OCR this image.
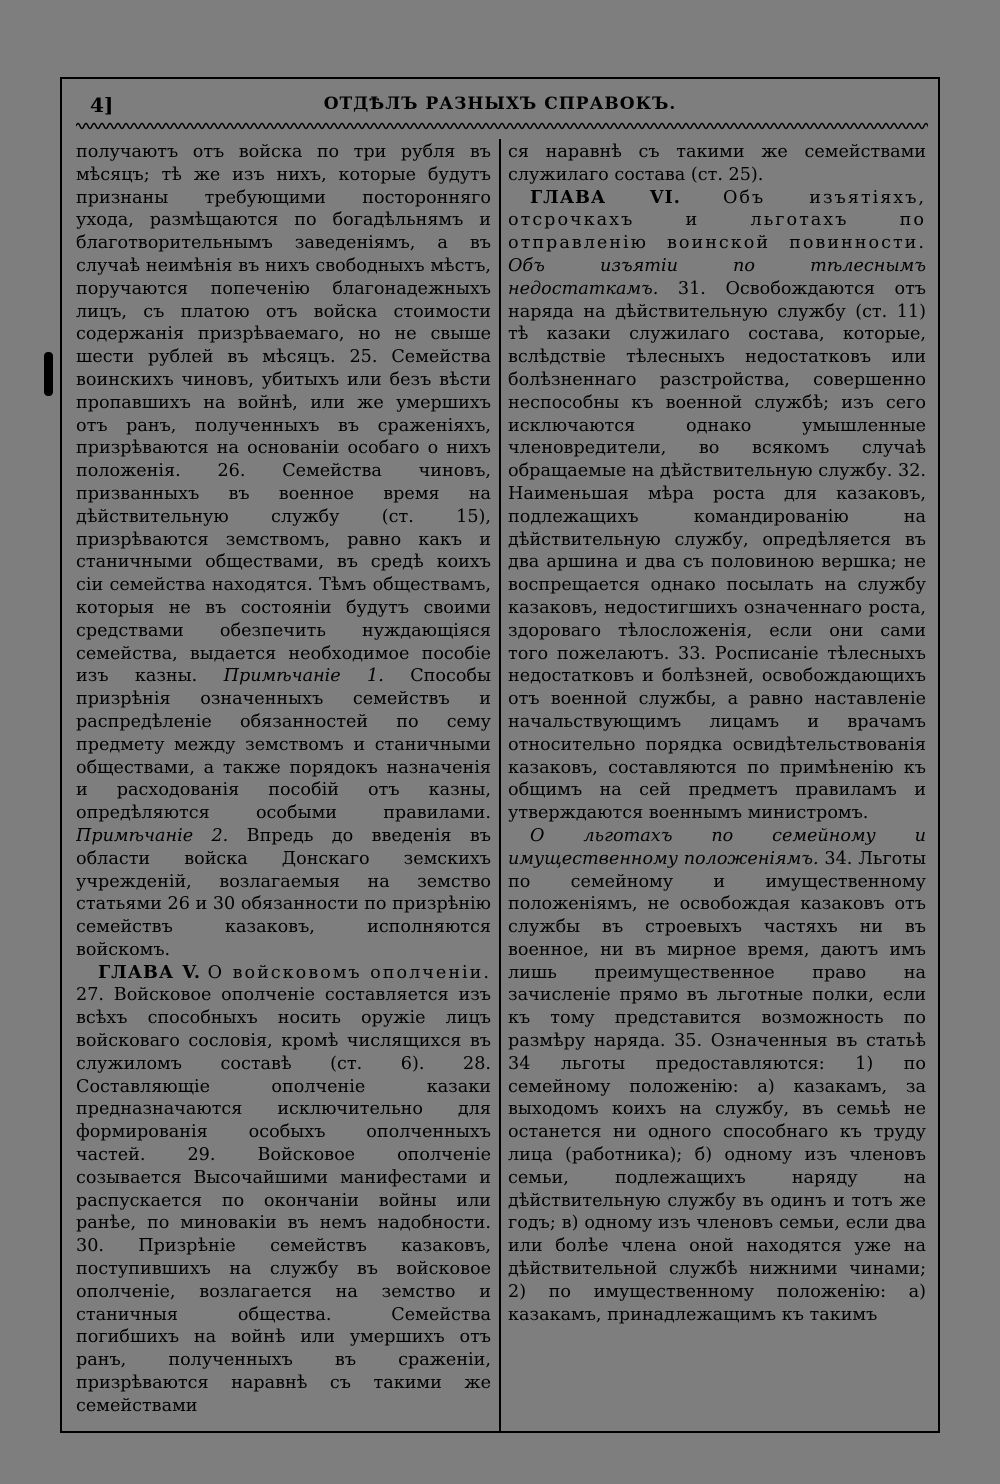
4]	ОТДѢЛЪ РАЗНЫХЪ СПРАВОКЪ.

получаютъ отъ войска по три рубля въ мѣсяцъ; тѣ же изъ нихъ, которые будутъ признаны требующими посторонняго ухода, размѣщаются по богадѣльнямъ и благотворительнымъ заведеніямъ, а въ случаѣ неимѣнія въ нихъ свободныхъ мѣстъ, поручаются попеченію благонадежныхъ лицъ, съ платою отъ войска стоимости содержанія призрѣваемаго, но не свыше шести рублей въ мѣсяцъ. 25. Семейства воинскихъ чиновъ, убитыхъ или безъ вѣсти пропавшихъ на войнѣ, или же умершихъ отъ ранъ, полученныхъ въ сраженіяхъ, призрѣваются на основаніи особаго о нихъ положенія. 26. Семейства чиновъ, призванныхъ въ военное время на дѣйствительную службу (ст. 15), призрѣваются земствомъ, равно какъ и станичными обществами, въ средѣ коихъ сіи семейства находятся. Тѣмъ обществамъ, которыя не въ состояніи будутъ своими средствами обезпечить нуждающіяся семейства, выдается необходимое пособіе изъ казны. Примѣчаніе 1. Способы призрѣнія означенныхъ семействъ и распредѣленіе обязанностей по сему предмету между земствомъ и станичными обществами, а также порядокъ назначенія и расходованія пособій отъ казны, опредѣляются особыми правилами. Примѣчаніе 2. Впредь до введенія въ области войска Донскаго земскихъ учрежденій, возлагаемыя на земство статьями 26 и 30 обязанности по призрѣнію семействъ казаковъ, исполняются войскомъ.

ГЛАВА V. О войсковомъ ополченіи. 27. Войсковое ополченіе составляется изъ всѣхъ способныхъ носить оружіе лицъ войсковаго сословія, кромѣ числящихся въ служиломъ составѣ (ст. 6). 28. Составляющіе ополченіе казаки предназначаются исключительно для формированія особыхъ ополченныхъ частей. 29. Войсковое ополченіе созывается Высочайшими манифестами и распускается по окончаніи войны или ранѣе, по миновакіи въ немъ надобности. 30. Призрѣніе семействъ казаковъ, поступившихъ на службу въ войсковое ополченіе, возлагается на земство и станичныя общества. Семейства погибшихъ на войнѣ или умершихъ отъ ранъ, полученныхъ въ сраженіи, призрѣваются наравнѣ съ такими же семействами

ся наравнѣ съ такими же семействами служилаго состава (ст. 25).

ГЛАВА VI. Объ изъятіяхъ, отсрочкахъ и льготахъ по отправленію воинской повинности. Объ изъятіи по тѣлеснымъ недостаткамъ. 31. Освобождаются отъ наряда на дѣйствительную службу (ст. 11) тѣ казаки служилаго состава, которые, вслѣдствіе тѣлесныхъ недостатковъ или болѣзненнаго разстройства, совершенно неспособны къ военной службѣ; изъ сего исключаются однако умышленные членовредители, во всякомъ случаѣ обращаемые на дѣйствительную службу. 32. Наименьшая мѣра роста для казаковъ, подлежащихъ командированію на дѣйствительную службу, опредѣляется въ два аршина и два съ половиною вершка; не воспрещается однако посылать на службу казаковъ, недостигшихъ означеннаго роста, здороваго тѣлосложенія, если они сами того пожелаютъ. 33. Росписаніе тѣлесныхъ недостатковъ и болѣзней, освобождающихъ отъ военной службы, а равно наставленіе начальствующимъ лицамъ и врачамъ относительно порядка освидѣтельствованія казаковъ, составляются по примѣненію къ общимъ на сей предметъ правиламъ и утверждаются военнымъ министромъ.

О льготахъ по семейному и имущественному положеніямъ. 34. Льготы по семейному и имущественному положеніямъ, не освобождая казаковъ отъ службы въ строевыхъ частяхъ ни въ военное, ни въ мирное время, даютъ имъ лишь преимущественное право на зачисленіе прямо въ льготные полки, если къ тому представится возможность по размѣру наряда. 35. Означенныя въ статьѣ 34 льготы предоставляются: 1) по семейному положенію: а) казакамъ, за выходомъ коихъ на службу, въ семьѣ не останется ни одного способнаго къ труду лица (работника); б) одному изъ членовъ семьи, подлежащихъ наряду на дѣйствительную службу въ одинъ и тотъ же годъ; в) одному изъ членовъ семьи, если два или болѣе члена оной находятся уже на дѣйствительной службѣ нижними чинами; 2) по имущественному положенію: а) казакамъ, принадлежащимъ къ такимъ
